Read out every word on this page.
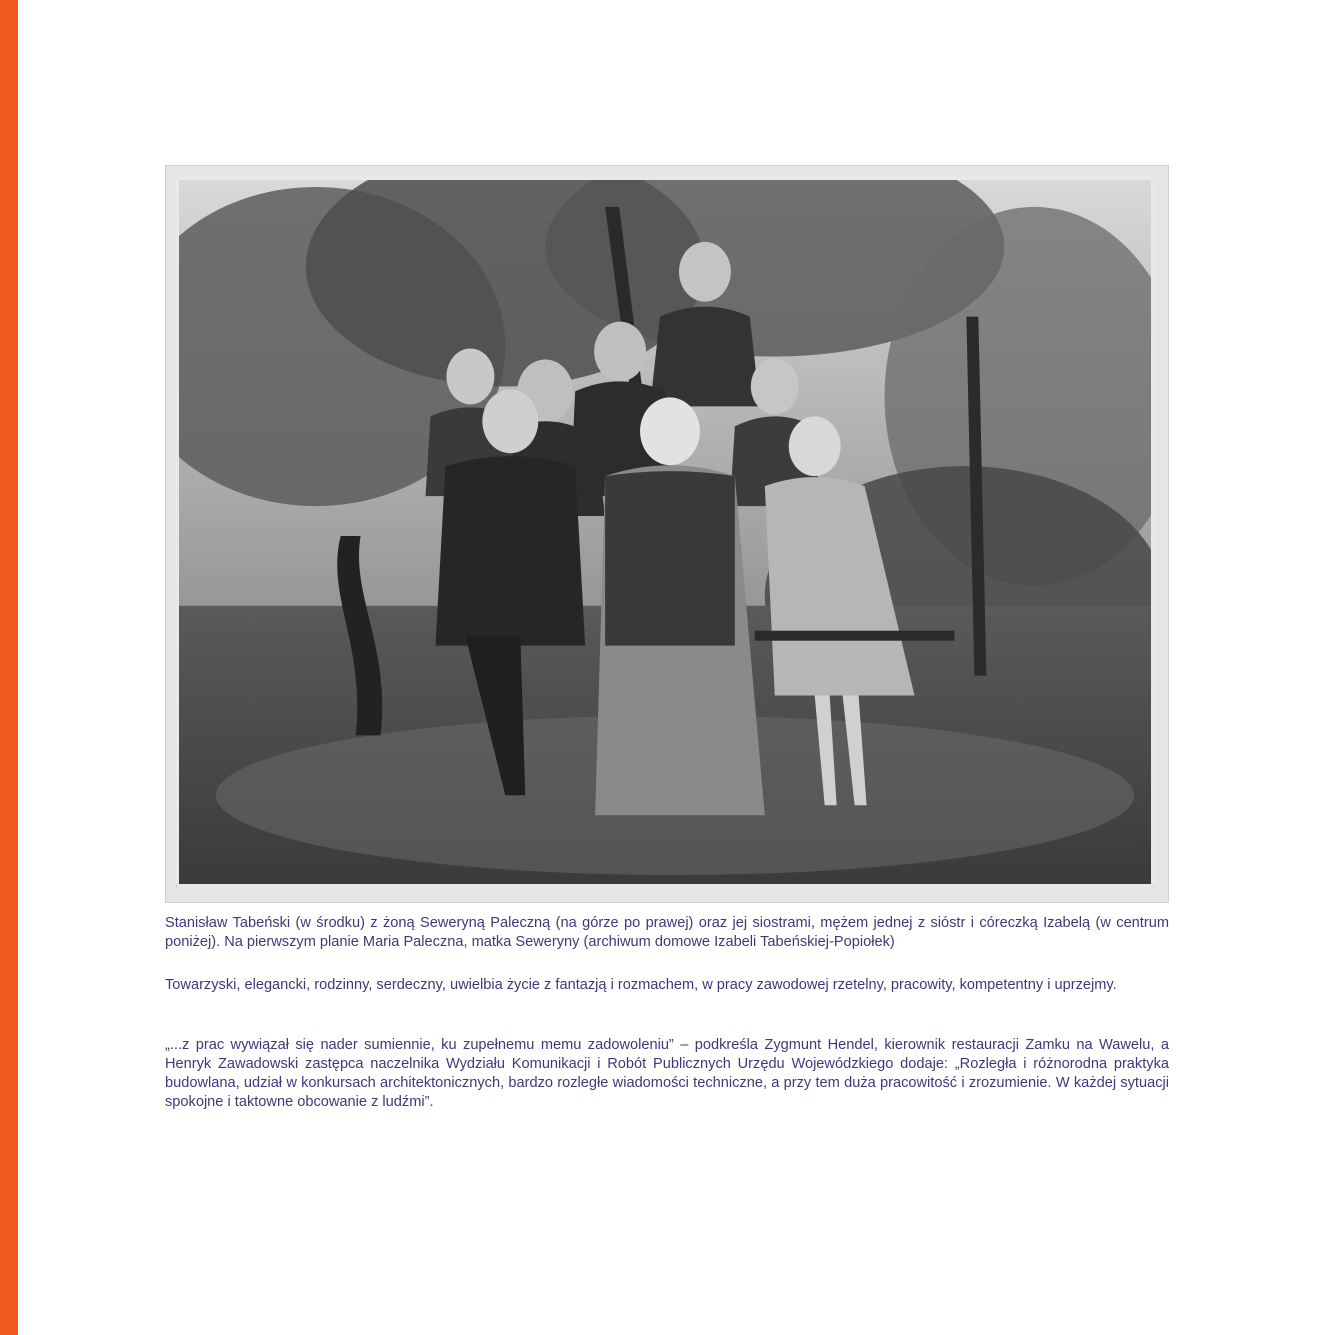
Stanisław Tabeński (w środku) z żoną Seweryną Paleczną (na górze po prawej) oraz jej siostrami, mężem jednej z sióstr i córeczką Izabelą (w centrum poniżej). Na pierwszym planie Maria Paleczna, matka Seweryny (archiwum domowe Izabeli Tabeńskiej-Popiołek)

Towarzyski, elegancki, rodzinny, serdeczny, uwielbia życie z fantazją i rozmachem, w pracy zawodowej rzetelny, pracowity, kompetentny i uprzejmy.

„...z prac wywiązał się nader sumiennie, ku zupełnemu memu zadowoleniu” – podkreśla Zygmunt Hendel, kierownik restauracji Zamku na Wawelu, a Henryk Zawadowski zastępca naczelnika Wydziału Komunikacji i Robót Publicznych Urzędu Wojewódzkiego dodaje: „Rozległa i różnorodna praktyka budowlana, udział w konkursach architektonicznych, bardzo rozległe wiadomości techniczne, a przy tem duża pracowitość i zrozumienie. W każdej sytuacji spokojne i taktowne obcowanie z ludźmi”.
